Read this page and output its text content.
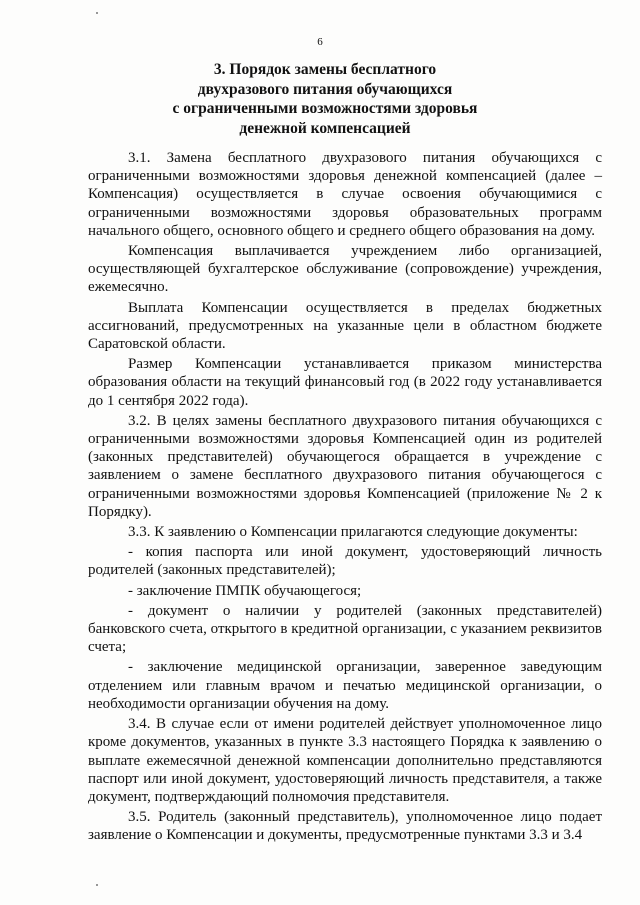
6
3. Порядок замены бесплатного
двухразового питания обучающихся
с ограниченными возможностями здоровья
денежной компенсацией

3.1. Замена бесплатного двухразового питания обучающихся с ограниченными возможностями здоровья денежной компенсацией (далее – Компенсация) осуществляется в случае освоения обучающимися с ограниченными возможностями здоровья образовательных программ начального общего, основного общего и среднего общего образования на дому.

Компенсация выплачивается учреждением либо организацией, осуществляющей бухгалтерское обслуживание (сопровождение) учреждения, ежемесячно.

Выплата Компенсации осуществляется в пределах бюджетных ассигнований, предусмотренных на указанные цели в областном бюджете Саратовской области.

Размер Компенсации устанавливается приказом министерства образования области на текущий финансовый год (в 2022 году устанавливается до 1 сентября 2022 года).

3.2. В целях замены бесплатного двухразового питания обучающихся с ограниченными возможностями здоровья Компенсацией один из родителей (законных представителей) обучающегося обращается в учреждение с заявлением о замене бесплатного двухразового питания обучающегося с ограниченными возможностями здоровья Компенсацией (приложение № 2 к Порядку).

3.3. К заявлению о Компенсации прилагаются следующие документы:

- копия паспорта или иной документ, удостоверяющий личность родителей (законных представителей);

- заключение ПМПК обучающегося;

- документ о наличии у родителей (законных представителей) банковского счета, открытого в кредитной организации, с указанием реквизитов счета;

- заключение медицинской организации, заверенное заведующим отделением или главным врачом и печатью медицинской организации, о необходимости организации обучения на дому.

3.4. В случае если от имени родителей действует уполномоченное лицо кроме документов, указанных в пункте 3.3 настоящего Порядка к заявлению о выплате ежемесячной денежной компенсации дополнительно представляются паспорт или иной документ, удостоверяющий личность представителя, а также документ, подтверждающий полномочия представителя.

3.5. Родитель (законный представитель), уполномоченное лицо подает заявление о Компенсации и документы, предусмотренные пунктами 3.3 и 3.4
